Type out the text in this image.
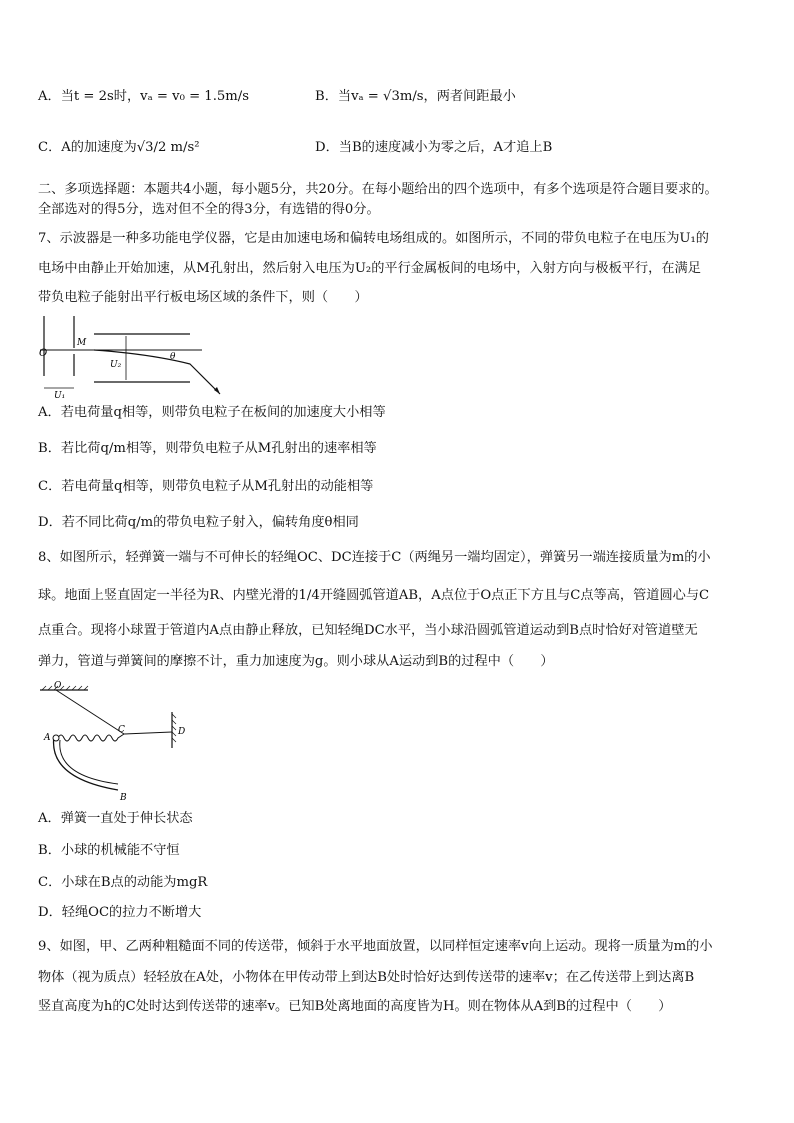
A．当t = 2s时，vₐ = v₀ = 1.5m/s	B．当vₐ = √3m/s，两者间距最小
C．A的加速度为√3/2 m/s²	D．当B的速度减小为零之后，A才追上B
二、多项选择题：本题共4小题，每小题5分，共20分。在每小题给出的四个选项中，有多个选项是符合题目要求的。
全部选对的得5分，选对但不全的得3分，有选错的得0分。
7、示波器是一种多功能电学仪器，它是由加速电场和偏转电场组成的。如图所示，不同的带负电粒子在电压为U₁的
电场中由静止开始加速，从M孔射出，然后射入电压为U₂的平行金属板间的电场中，入射方向与极板平行，在满足
带负电粒子能射出平行板电场区域的条件下，则（　　）
O
M
U₂
U₁
θ
A．若电荷量q相等，则带负电粒子在板间的加速度大小相等
B．若比荷q/m相等，则带负电粒子从M孔射出的速率相等
C．若电荷量q相等，则带负电粒子从M孔射出的动能相等
D．若不同比荷q/m的带负电粒子射入，偏转角度θ相同
8、如图所示，轻弹簧一端与不可伸长的轻绳OC、DC连接于C（两绳另一端均固定），弹簧另一端连接质量为m的小
球。地面上竖直固定一半径为R、内壁光滑的1/4开缝圆弧管道AB，A点位于O点正下方且与C点等高，管道圆心与C
点重合。现将小球置于管道内A点由静止释放，已知轻绳DC水平，当小球沿圆弧管道运动到B点时恰好对管道壁无
弹力，管道与弹簧间的摩擦不计，重力加速度为g。则小球从A运动到B的过程中（　　）
O
A
B
C	D
A．弹簧一直处于伸长状态
B．小球的机械能不守恒
C．小球在B点的动能为mgR
D．轻绳OC的拉力不断增大
9、如图，甲、乙两种粗糙面不同的传送带，倾斜于水平地面放置，以同样恒定速率v向上运动。现将一质量为m的小
物体（视为质点）轻轻放在A处，小物体在甲传动带上到达B处时恰好达到传送带的速率v；在乙传送带上到达离B
竖直高度为h的C处时达到传送带的速率v。已知B处离地面的高度皆为H。则在物体从A到B的过程中（　　）
